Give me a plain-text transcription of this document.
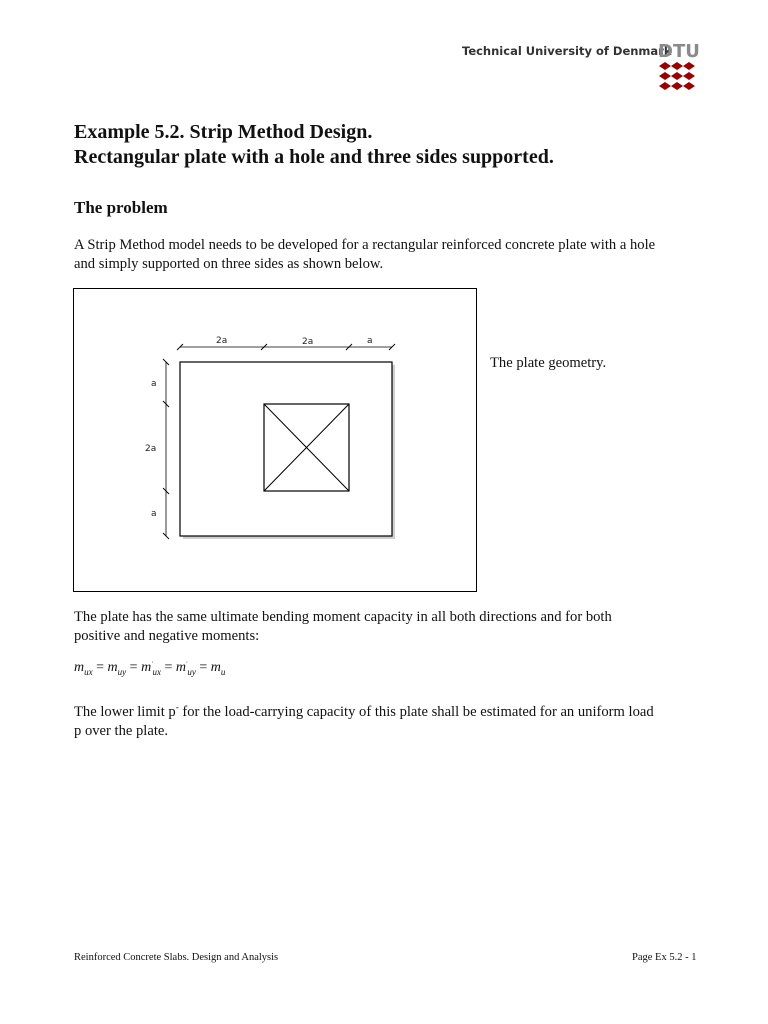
Technical University of Denmark
DTU
Example 5.2. Strip Method Design.
Rectangular plate with a hole and three sides supported.
The problem
A Strip Method model needs to be developed for a rectangular reinforced concrete plate with a hole
and simply supported on three sides as shown below.
2a	2a	a
a
2a
a
The plate geometry.
The plate has the same ultimate bending moment capacity in all both directions and for both
positive and negative moments:
$m_{ux} = m_{uy} = m'_{ux} = m'_{uy} = m_u$
The lower limit p- for the load-carrying capacity of this plate shall be estimated for an uniform load
p over the plate.
Reinforced Concrete Slabs. Design and Analysis	Page Ex 5.2 - 1
